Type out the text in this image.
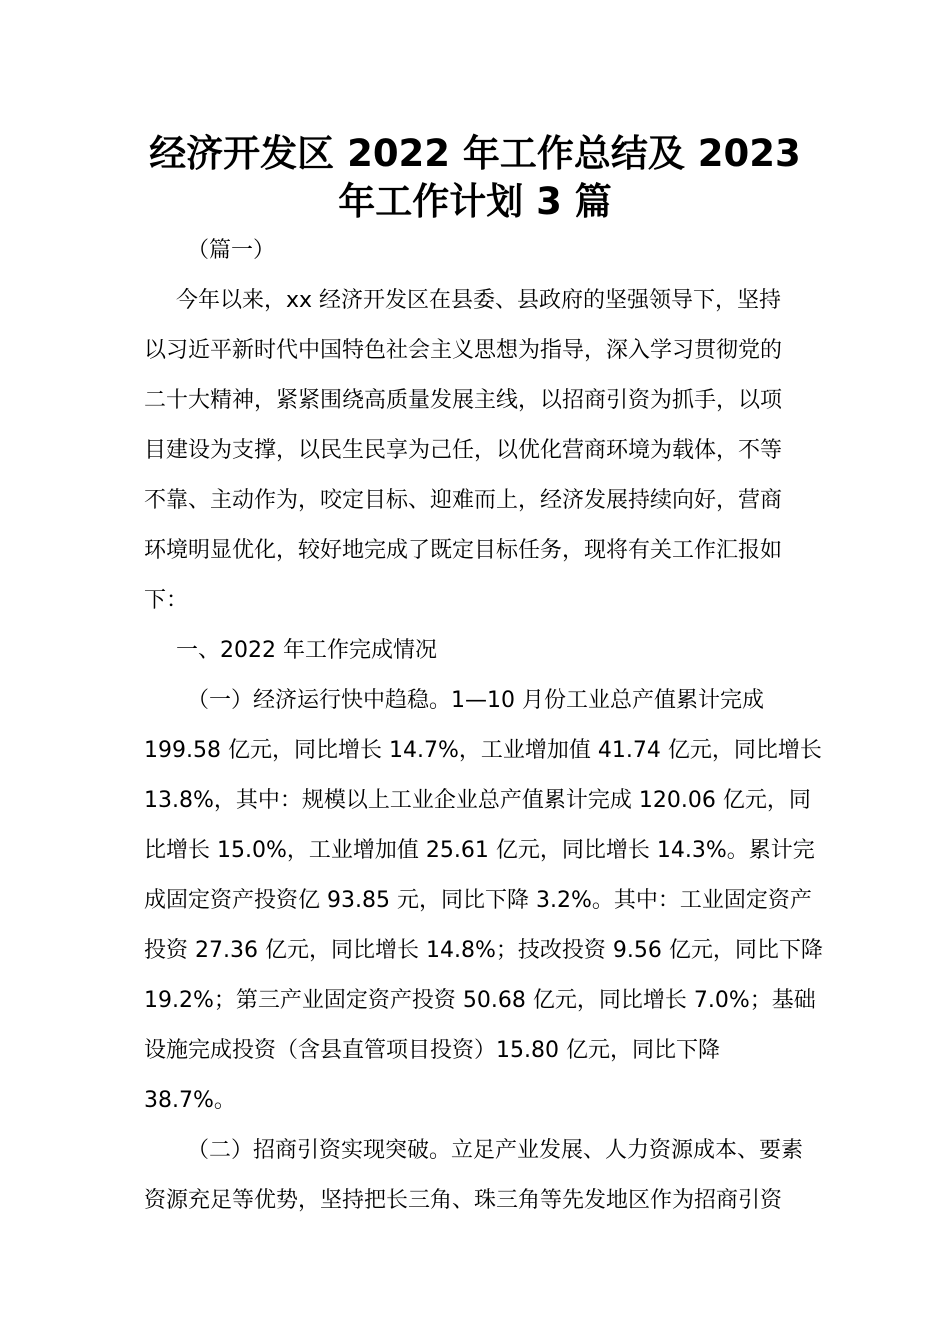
经济开发区 2022 年工作总结及 2023
年工作计划 3 篇

（篇一）

今年以来，xx 经济开发区在县委、县政府的坚强领导下，坚持

以习近平新时代中国特色社会主义思想为指导，深入学习贯彻党的

二十大精神，紧紧围绕高质量发展主线，以招商引资为抓手，以项

目建设为支撑，以民生民享为己任，以优化营商环境为载体，不等

不靠、主动作为，咬定目标、迎难而上，经济发展持续向好，营商

环境明显优化，较好地完成了既定目标任务，现将有关工作汇报如

下：

一、2022 年工作完成情况

（一）经济运行快中趋稳。1—10 月份工业总产值累计完成

199.58 亿元，同比增长 14.7%，工业增加值 41.74 亿元，同比增长

13.8%，其中：规模以上工业企业总产值累计完成 120.06 亿元，同

比增长 15.0%，工业增加值 25.61 亿元，同比增长 14.3%。累计完

成固定资产投资亿 93.85 元，同比下降 3.2%。其中：工业固定资产

投资 27.36 亿元，同比增长 14.8%；技改投资 9.56 亿元，同比下降

19.2%；第三产业固定资产投资 50.68 亿元，同比增长 7.0%；基础

设施完成投资（含县直管项目投资）15.80 亿元，同比下降

38.7%。

（二）招商引资实现突破。立足产业发展、人力资源成本、要素

资源充足等优势，坚持把长三角、珠三角等先发地区作为招商引资
